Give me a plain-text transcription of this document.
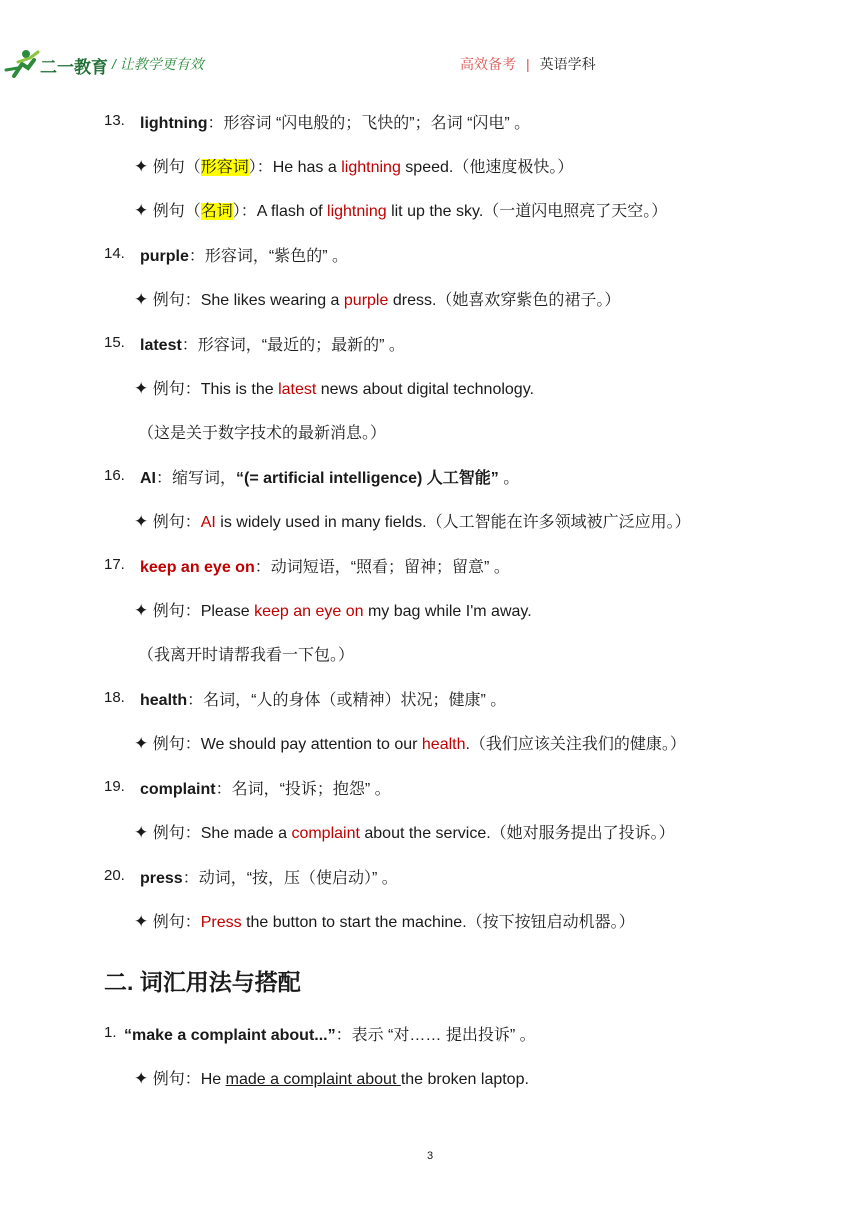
二一教育 / 让教学更有效	高效备考 | 英语学科
13. lightning：形容词 “闪电般的；飞快的”；名词 “闪电” 。
✦ 例句（形容词）：He has a lightning speed.（他速度极快。）
✦ 例句（名词）：A flash of lightning lit up the sky.（一道闪电照亮了天空。）
14. purple：形容词，“紫色的” 。
✦ 例句：She likes wearing a purple dress.（她喜欢穿紫色的裙子。）
15. latest：形容词，“最近的；最新的” 。
✦ 例句：This is the latest news about digital technology.
（这是关于数字技术的最新消息。）
16. AI：缩写词，“(= artificial intelligence) 人工智能” 。
✦ 例句：AI is widely used in many fields.（人工智能在许多领域被广泛应用。）
17. keep an eye on：动词短语，“照看；留神；留意” 。
✦ 例句：Please keep an eye on my bag while I'm away.
（我离开时请帮我看一下包。）
18. health：名词，“人的身体（或精神）状况；健康” 。
✦ 例句：We should pay attention to our health.（我们应该关注我们的健康。）
19. complaint：名词，“投诉；抱怨” 。
✦ 例句：She made a complaint about the service.（她对服务提出了投诉。）
20. press：动词，“按，压（使启动）” 。
✦ 例句：Press the button to start the machine.（按下按钮启动机器。）
二. 词汇用法与搭配
1. “make a complaint about...”：表示 “对…… 提出投诉” 。
✦ 例句：He made a complaint about the broken laptop.
3
